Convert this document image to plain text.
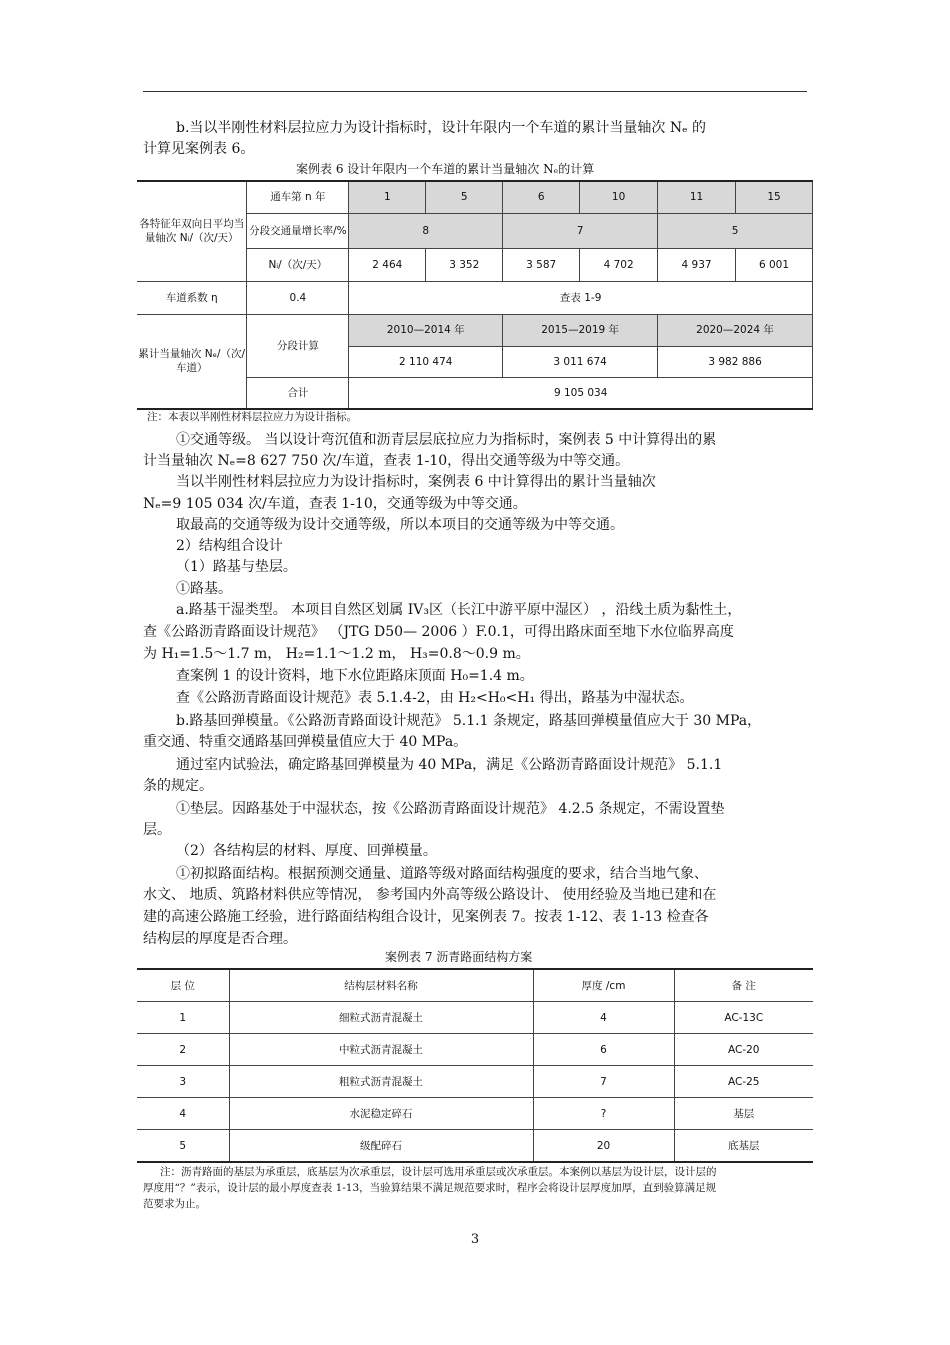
b.当以半刚性材料层拉应力为设计指标时，设计年限内一个车道的累计当量轴次 Nₑ 的
计算见案例表 6。
案例表 6 设计年限内一个车道的累计当量轴次 Nₑ的计算
各特征年双向日平均当量轴次 Nᵢ/（次/天）	通车第 n 年	1	5	6	10	11	15
	分段交通量增长率/%	8		7		5	
	Nᵢ/（次/天）	2 464	3 352	3 587	4 702	4 937	6 001
车道系数 η	0.4	查表 1-9					
累计当量轴次 Nₑ/（次/车道）	分段计算	2010—2014 年		2015—2019 年		2020—2024 年	
		2 110 474		3 011 674		3 982 886	
	合计	9 105 034					
注：本表以半刚性材料层拉应力为设计指标。
①交通等级。 当以设计弯沉值和沥青层层底拉应力为指标时，案例表 5 中计算得出的累
计当量轴次 Nₑ=8 627 750 次/车道，查表 1-10，得出交通等级为中等交通。
当以半刚性材料层拉应力为设计指标时，案例表 6 中计算得出的累计当量轴次
Nₑ=9 105 034 次/车道，查表 1-10，交通等级为中等交通。
取最高的交通等级为设计交通等级，所以本项目的交通等级为中等交通。
2）结构组合设计
（1）路基与垫层。
①路基。
a.路基干湿类型。 本项目自然区划属 IV₃区（长江中游平原中湿区） ，沿线土质为黏性土，
查《公路沥青路面设计规范》 （JTG D50— 2006 ）F.0.1，可得出路床面至地下水位临界高度
为 H₁=1.5～1.7 m， H₂=1.1～1.2 m， H₃=0.8～0.9 m。
查案例 1 的设计资料，地下水位距路床顶面 H₀=1.4 m。
查《公路沥青路面设计规范》表 5.1.4-2，由 H₂<H₀<H₁ 得出，路基为中湿状态。
b.路基回弹模量。《公路沥青路面设计规范》 5.1.1 条规定，路基回弹模量值应大于 30 MPa，
重交通、特重交通路基回弹模量值应大于 40 MPa。
通过室内试验法，确定路基回弹模量为 40 MPa，满足《公路沥青路面设计规范》 5.1.1
条的规定。
①垫层。因路基处于中湿状态，按《公路沥青路面设计规范》 4.2.5 条规定，不需设置垫
层。
（2）各结构层的材料、厚度、回弹模量。
①初拟路面结构。根据预测交通量、道路等级对路面结构强度的要求，结合当地气象、
水文、 地质、筑路材料供应等情况， 参考国内外高等级公路设计、 使用经验及当地已建和在
建的高速公路施工经验，进行路面结构组合设计，见案例表 7。按表 1-12、表 1-13 检查各
结构层的厚度是否合理。
案例表 7 沥青路面结构方案
层 位	结构层材料名称	厚度 /cm	备 注
1	细粒式沥青混凝土	4	AC-13C
2	中粒式沥青混凝土	6	AC-20
3	粗粒式沥青混凝土	7	AC-25
4	水泥稳定碎石	?	基层
5	级配碎石	20	底基层
注：沥青路面的基层为承重层，底基层为次承重层，设计层可选用承重层或次承重层。本案例以基层为设计层，设计层的
厚度用“？”表示，设计层的最小厚度查表 1-13，当验算结果不满足规范要求时，程序会将设计层厚度加厚，直到验算满足规
范要求为止。
3
